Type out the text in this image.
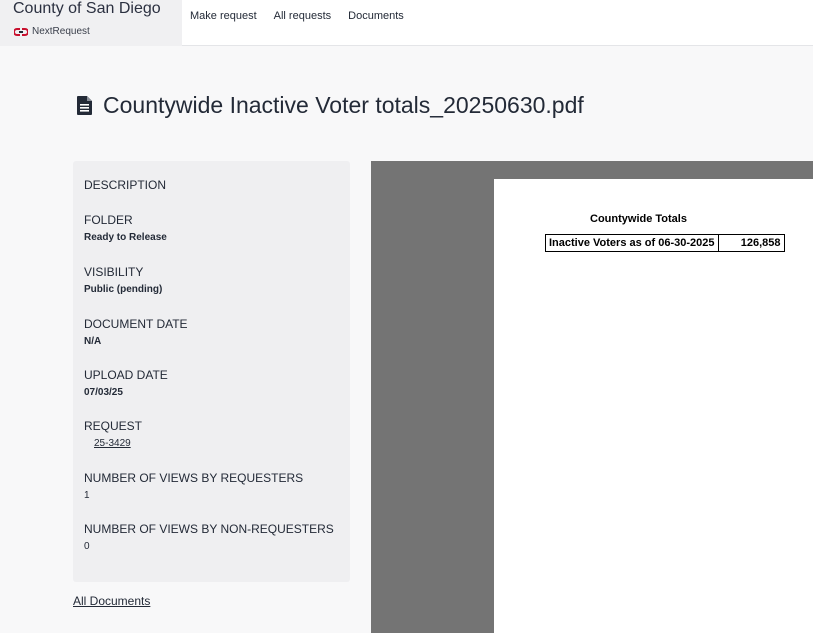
County of San Diego
NextRequest
Make request All requests Documents
Countywide Inactive Voter totals_20250630.pdf
DESCRIPTION
FOLDER
Ready to Release
VISIBILITY
Public (pending)
DOCUMENT DATE
N/A
UPLOAD DATE
07/03/25
REQUEST
25-3429
NUMBER OF VIEWS BY REQUESTERS
1
NUMBER OF VIEWS BY NON-REQUESTERS
0
All Documents
Countywide Totals
Inactive Voters as of 06-30-2025	126,858
